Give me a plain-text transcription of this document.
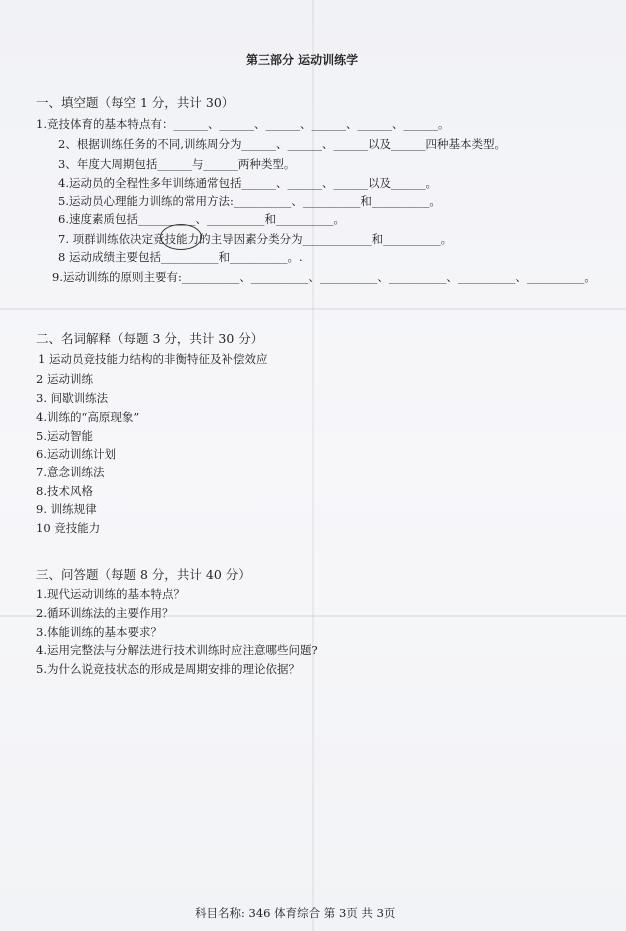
第三部分 运动训练学
一、填空题（每空 1 分，共计 30）
1.竞技体育的基本特点有：______、______、______、______、______、______。
2、根据训练任务的不同,训练周分为______、______、______以及______四种基本类型。
3、年度大周期包括______与______两种类型。
4.运动员的全程性多年训练通常包括______、______、______以及______。
5.运动员心理能力训练的常用方法:__________、__________和__________。
6.速度素质包括__________、__________和__________。
7. 项群训练依决定竞技能力的主导因素分类分为____________和__________。
8 运动成绩主要包括__________和__________。.
9.运动训练的原则主要有:__________、__________、__________、__________、__________、__________。
二、名词解释（每题 3 分，共计 30 分）
1 运动员竞技能力结构的非衡特征及补偿效应
2 运动训练
3. 间歇训练法
4.训练的“高原现象”
5.运动智能
6.运动训练计划
7.意念训练法
8.技术风格
9. 训练规律
10 竞技能力
三、问答题（每题 8 分，共计 40 分）
1.现代运动训练的基本特点？
2.循环训练法的主要作用？
3.体能训练的基本要求？
4.运用完整法与分解法进行技术训练时应注意哪些问题?
5.为什么说竞技状态的形成是周期安排的理论依据？
科目名称: 346 体育综合 第 3页 共 3页
